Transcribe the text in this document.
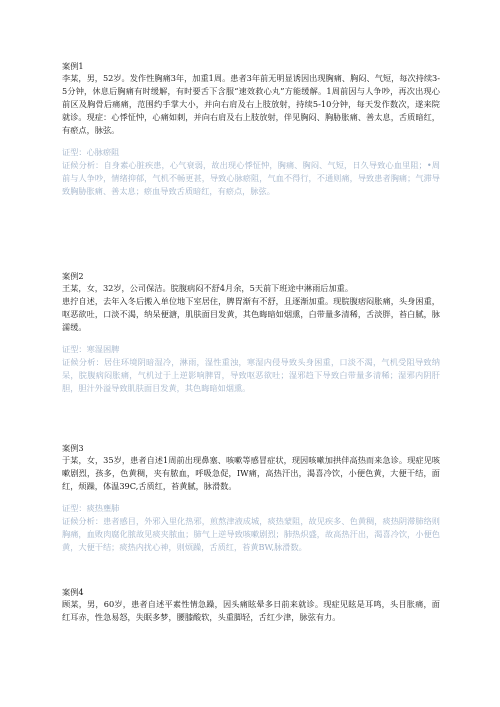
案例1

李某，男，52岁。发作性胸痛3年，加重1周。患者3年前无明显诱因出现胸痛、胸闷、气短，每次持续3-5分钟，休息后胸痛有时缓解，有时要舌下含服“速效救心丸”方能缓解。1周前因与人争吵，再次出现心前区及胸骨后痛痛，范围约手掌大小，并向右肩及右上肢放射，持续5-10分钟，每天发作数次，遂来院就诊。现症：心悸怔忡，心痛如刺，并向右肩及右上肢放射，伴见胸闷、胸胁胀痛、善太息，舌质暗红，有瘀点，脉弦。

证型：心脉瘀阻

证候分析：自身素心脏疾患，心气衰弱，故出现心悸怔忡，胸痛、胸闷、气短，日久导致心血里阻；•周前与人争吵，情绪抑郁，气机不畅更甚，导致心脉瘀阻，气血不得行，不通则痛，导致患者胸痛；气滞导致胸胁胀痛、善太息；瘀血导致舌质暗红，有瘀点，脉弦。

案例2

王某，女，32岁，公司保洁。脘腹病闷不舒4月余，5天前下班途中淋雨后加重。

患拧自述，去年入冬后搬入单位地下室居住，脾胃渐有不舒，且逐渐加重。现脘腹痞闷胀痛，头身困重，呕恶欲吐，口淡不渴，纳呆便溏，肌肤面目发黄，其色晦暗如烟熏，白带量多清稀，舌淡胖，苔白腻，脉濡缓。

证型：寒湿困脾

证候分析：居住环境阴暗湿冷，淋雨，湿性重浊，寒湿内侵导致头身困重，口淡不渴，气机受阻导致纳呆，脘腹病闷胀痛，气机过于上逆影响脾胃，导致呕恶欲吐；湿邪趋下导致白带量多清稀；湿邪内阴肝胆，胆汁外溢导致肌肤面目发黄，其色晦暗如烟熏。

案例3

于某，女，35岁，患者自述1周前出现鼻塞、咳嗽等感冒症状，现因咳嗽加拱伴高热而来急诊。现症见咳嗽剧烈，孩多，色黄稠，夹有脓血，呼吸急促，IW痛，高热汗出，渴喜冷饮，小便色黄，大便干结，面红，烦躁，体温39C,舌质红，苔黄腻，脉滑数。

证型：痰热壅肺

证候分析：患者感目，外邪入里化热邪，煎熬津液成城，痰热蒙阻，故见疾多、色黄稠，痰热阴滞肺络则胸痛，血败肉腐化脓故见痰夹脓血；肺气上逆导致咳嗽剧烈；肺热炽盛，故高热汗出，渴喜冷饮，小便色黄，大便干结；痰热内扰心神，则烦躁，舌质红，苔黄BW,脉滑数。

案例4

顾某，男，60岁，患者自述平素性情急躁，因头痛眩晕多日前来就诊。现症见眩是耳鸣，头目胀痛，面红耳赤，性急易怒，失眠多梦，腰膝酸软，头重脚轻，舌红少津，脉弦有力。
